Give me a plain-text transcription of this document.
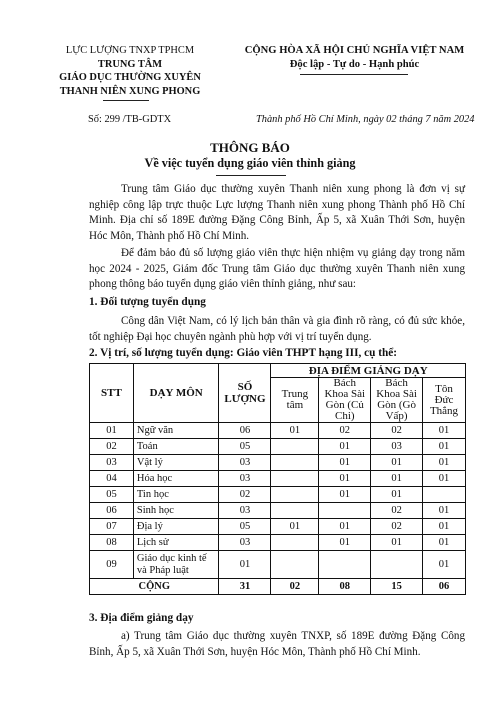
LỰC LƯỢNG TNXP TPHCM
TRUNG TÂM
GIÁO DỤC THƯỜNG XUYÊN
THANH NIÊN XUNG PHONG
CỘNG HÒA XÃ HỘI CHỦ NGHĨA VIỆT NAM
Độc lập - Tự do - Hạnh phúc
Số: 299 /TB-GDTX	Thành phố Hồ Chí Minh, ngày 02 tháng 7 năm 2024
THÔNG BÁO
Về việc tuyển dụng giáo viên thỉnh giảng
Trung tâm Giáo dục thường xuyên Thanh niên xung phong là đơn vị sự nghiệp công lập trực thuộc Lực lượng Thanh niên xung phong Thành phố Hồ Chí Minh. Địa chỉ số 189E đường Đặng Công Bỉnh, Ấp 5, xã Xuân Thới Sơn, huyện Hóc Môn, Thành phố Hồ Chí Minh.
Để đảm bảo đủ số lượng giáo viên thực hiện nhiệm vụ giảng dạy trong năm học 2024 - 2025, Giám đốc Trung tâm Giáo dục thường xuyên Thanh niên xung phong thông báo tuyển dụng giáo viên thỉnh giảng, như sau:
1. Đối tượng tuyển dụng
Công dân Việt Nam, có lý lịch bản thân và gia đình rõ ràng, có đủ sức khỏe, tốt nghiệp Đại học chuyên ngành phù hợp với vị trí tuyển dụng.
2. Vị trí, số lượng tuyển dụng: Giáo viên THPT hạng III, cụ thể:
STT	DẠY MÔN	SỐ LƯỢNG	ĐỊA ĐIỂM GIẢNG DẠY			
			Trung tâm	Bách Khoa Sài Gòn (Củ Chi)	Bách Khoa Sài Gòn (Gò Vấp)	Tôn Đức Thắng
01	Ngữ văn	06	01	02	02	01
02	Toán	05		01	03	01
03	Vật lý	03		01	01	01
04	Hóa học	03		01	01	01
05	Tin học	02		01	01	
06	Sinh học	03			02	01
07	Địa lý	05	01	01	02	01
08	Lịch sử	03		01	01	01
09	Giáo dục kinh tế và Pháp luật	01				01
CỘNG		31	02	08	15	06
3. Địa điểm giảng dạy
a) Trung tâm Giáo dục thường xuyên TNXP, số 189E đường Đặng Công Bỉnh, Ấp 5, xã Xuân Thới Sơn, huyện Hóc Môn, Thành phố Hồ Chí Minh.
